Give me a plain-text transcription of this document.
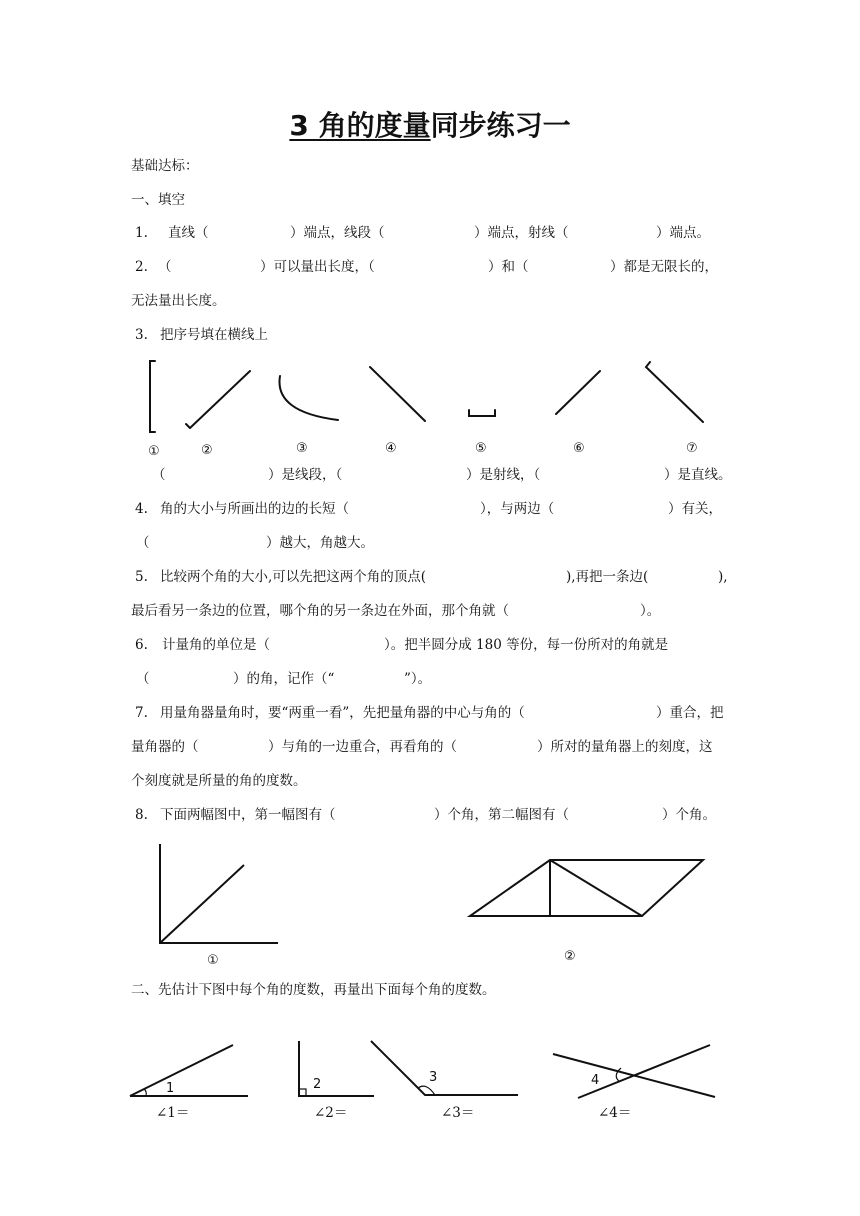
3 角的度量同步练习一
基础达标：
一、填空
1. 直线（	）端点，线段（	）端点，射线（	）端点。
2. （	）可以量出长度，（	）和（	）都是无限长的，
无法量出长度。
3. 把序号填在横线上
①	②	③	④	⑤	⑥	⑦
①	②
1	2	3	4
（	）是线段，（	）是射线，（	）是直线。
4. 角的大小与所画出的边的长短（	），与两边（	）有关，
（	）越大，角越大。
5. 比较两个角的大小,可以先把这两个角的顶点(	),再把一条边(	),
最后看另一条边的位置，哪个角的另一条边在外面，那个角就（	）。
6. 计量角的单位是（	）。把半圆分成 180 等份，每一份所对的角就是
（	）的角，记作（“	”）。
7. 用量角器量角时，要“两重一看”，先把量角器的中心与角的（	）重合，把
量角器的（	）与角的一边重合，再看角的（	）所对的量角器上的刻度，这
个刻度就是所量的角的度数。
8. 下面两幅图中，第一幅图有（	）个角，第二幅图有（	）个角。
二、先估计下图中每个角的度数，再量出下面每个角的度数。
∠1＝	∠2＝	∠3＝	∠4＝
